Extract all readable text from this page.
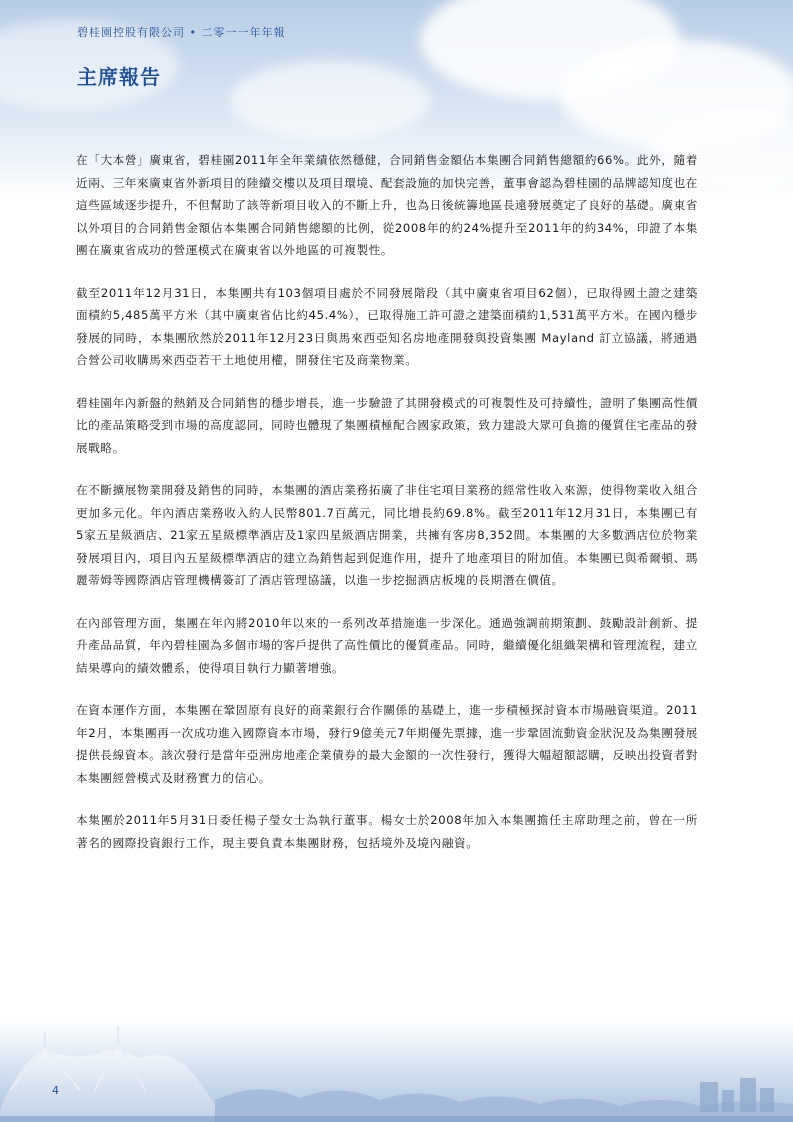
碧桂園控股有限公司 • 二零一一年年報
主席報告

在「大本營」廣東省，碧桂園2011年全年業績依然穩健，合同銷售金額佔本集團合同銷售總額約66%。此外，隨着近兩、三年來廣東省外新項目的陸續交樓以及項目環境、配套設施的加快完善，董事會認為碧桂園的品牌認知度也在這些區域逐步提升，不但幫助了該等新項目收入的不斷上升，也為日後統籌地區長遠發展奠定了良好的基礎。廣東省以外項目的合同銷售金額佔本集團合同銷售總額的比例，從2008年的約24%提升至2011年的約34%，印證了本集團在廣東省成功的營運模式在廣東省以外地區的可複製性。

截至2011年12月31日，本集團共有103個項目處於不同發展階段（其中廣東省項目62個），已取得國土證之建築面積約5,485萬平方米（其中廣東省佔比約45.4%），已取得施工許可證之建築面積約1,531萬平方米。在國內穩步發展的同時，本集團欣然於2011年12月23日與馬來西亞知名房地產開發與投資集團 Mayland 訂立協議，將通過合營公司收購馬來西亞若干土地使用權，開發住宅及商業物業。

碧桂園年內新盤的熱銷及合同銷售的穩步增長，進一步驗證了其開發模式的可複製性及可持續性，證明了集團高性價比的產品策略受到市場的高度認同，同時也體現了集團積極配合國家政策，致力建設大眾可負擔的優質住宅產品的發展戰略。

在不斷擴展物業開發及銷售的同時，本集團的酒店業務拓廣了非住宅項目業務的經常性收入來源，使得物業收入組合更加多元化。年內酒店業務收入約人民幣801.7百萬元，同比增長約69.8%。截至2011年12月31日，本集團已有5家五星級酒店、21家五星級標準酒店及1家四星級酒店開業，共擁有客房8,352間。本集團的大多數酒店位於物業發展項目內，項目內五星級標準酒店的建立為銷售起到促進作用，提升了地產項目的附加值。本集團已與希爾頓、瑪麗蒂姆等國際酒店管理機構簽訂了酒店管理協議，以進一步挖掘酒店板塊的長期潛在價值。

在內部管理方面，集團在年內將2010年以來的一系列改革措施進一步深化。通過強調前期策劃、鼓勵設計創新、提升產品品質，年內碧桂園為多個市場的客戶提供了高性價比的優質產品。同時，繼續優化組織架構和管理流程，建立結果導向的績效體系，使得項目執行力顯著增強。

在資本運作方面，本集團在鞏固原有良好的商業銀行合作關係的基礎上，進一步積極探討資本市場融資渠道。2011年2月，本集團再一次成功進入國際資本市場，發行9億美元7年期優先票據，進一步鞏固流動資金狀況及為集團發展提供長線資本。該次發行是當年亞洲房地產企業債券的最大金額的一次性發行，獲得大幅超額認購，反映出投資者對本集團經營模式及財務實力的信心。

本集團於2011年5月31日委任楊子瑩女士為執行董事。楊女士於2008年加入本集團擔任主席助理之前，曾在一所著名的國際投資銀行工作，現主要負責本集團財務，包括境外及境內融資。

4
